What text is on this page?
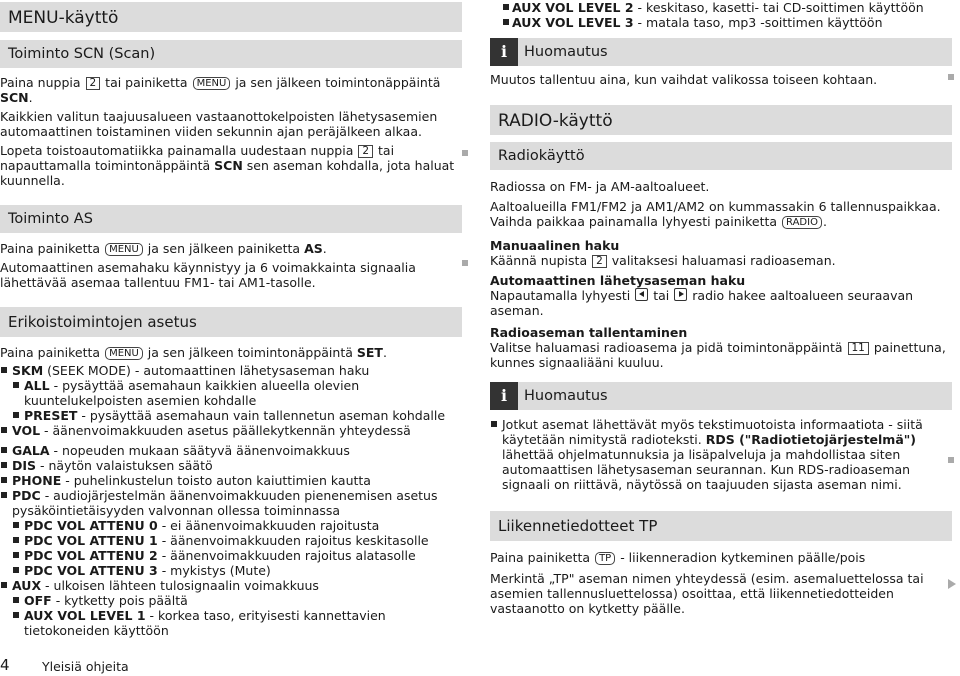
MENU-käyttö
Toiminto SCN (Scan)

Paina nuppia 2 tai painiketta MENU ja sen jälkeen toimintonäppäintä SCN.

Kaikkien valitun taajuusalueen vastaanottokelpoisten lähetysasemien automaattinen toistaminen viiden sekunnin ajan peräjälkeen alkaa.

Lopeta toistoautomatiikka painamalla uudestaan nuppia 2 tai napauttamalla toimintonäppäintä SCN sen aseman kohdalla, jota haluat kuunnella.

Toiminto AS

Paina painiketta MENU ja sen jälkeen painiketta AS.

Automaattinen asemahaku käynnistyy ja 6 voimakkainta signaalia lähettävää asemaa tallentuu FM1- tai AM1-tasolle.

Erikoistoimintojen asetus

Paina painiketta MENU ja sen jälkeen toimintonäppäintä SET.

SKM (SEEK MODE) - automaattinen lähetysaseman haku
ALL - pysäyttää asemahaun kaikkien alueella olevien kuuntelukelpoisten asemien kohdalle
PRESET - pysäyttää asemahaun vain tallennetun aseman kohdalle
VOL - äänenvoimakkuuden asetus päällekytkennän yhteydessä
GALA - nopeuden mukaan säätyvä äänenvoimakkuus
DIS - näytön valaistuksen säätö
PHONE - puhelinkustelun toisto auton kaiuttimien kautta
PDC - audiojärjestelmän äänenvoimakkuuden pienenemisen asetus pysäköintietäisyyden valvonnan ollessa toiminnassa
PDC VOL ATTENU 0 - ei äänenvoimakkuuden rajoitusta
PDC VOL ATTENU 1 - äänenvoimakkuuden rajoitus keskitasolle
PDC VOL ATTENU 2 - äänenvoimakkuuden rajoitus alatasolle
PDC VOL ATTENU 3 - mykistys (Mute)
AUX - ulkoisen lähteen tulosignaalin voimakkuus
OFF - kytketty pois päältä
AUX VOL LEVEL 1 - korkea taso, erityisesti kannettavien tietokoneiden käyttöön
AUX VOL LEVEL 2 - keskitaso, kasetti- tai CD-soittimen käyttöön
AUX VOL LEVEL 3 - matala taso, mp3 -soittimen käyttöön
i	Huomautus

Muutos tallentuu aina, kun vaihdat valikossa toiseen kohtaan.

RADIO-käyttö
Radiokäyttö

Radiossa on FM- ja AM-aaltoalueet.

Aaltoalueilla FM1/FM2 ja AM1/AM2 on kummassakin 6 tallennuspaikkaa. Vaihda paikkaa painamalla lyhyesti painiketta RADIO .

Manuaalinen haku

Käännä nupista 2 valitaksesi haluamasi radioaseman.

Automaattinen lähetysaseman haku

Napautamalla lyhyesti tai radio hakee aaltoalueen seuraavan aseman.

Radioaseman tallentaminen

Valitse haluamasi radioasema ja pidä toimintonäppäintä 11 painettuna, kunnes signaaliääni kuuluu.

i	Huomautus
Jotkut asemat lähettävät myös tekstimuotoista informaatiota - siitä käytetään nimitystä radioteksti. RDS ("Radiotietojärjestelmä") lähettää ohjelmatunnuksia ja lisäpalveluja ja mahdollistaa siten automaattisen lähetysaseman seurannan. Kun RDS-radioaseman signaali on riittävä, näytössä on taajuuden sijasta aseman nimi.
Liikennetiedotteet TP

Paina painiketta TP - liikenneradion kytkeminen päälle/pois

Merkintä „TP" aseman nimen yhteydessä (esim. asemaluettelossa tai asemien tallennusluettelossa) osoittaa, että liikennetiedotteiden vastaanotto on kytketty päälle.

4	Yleisiä ohjeita
